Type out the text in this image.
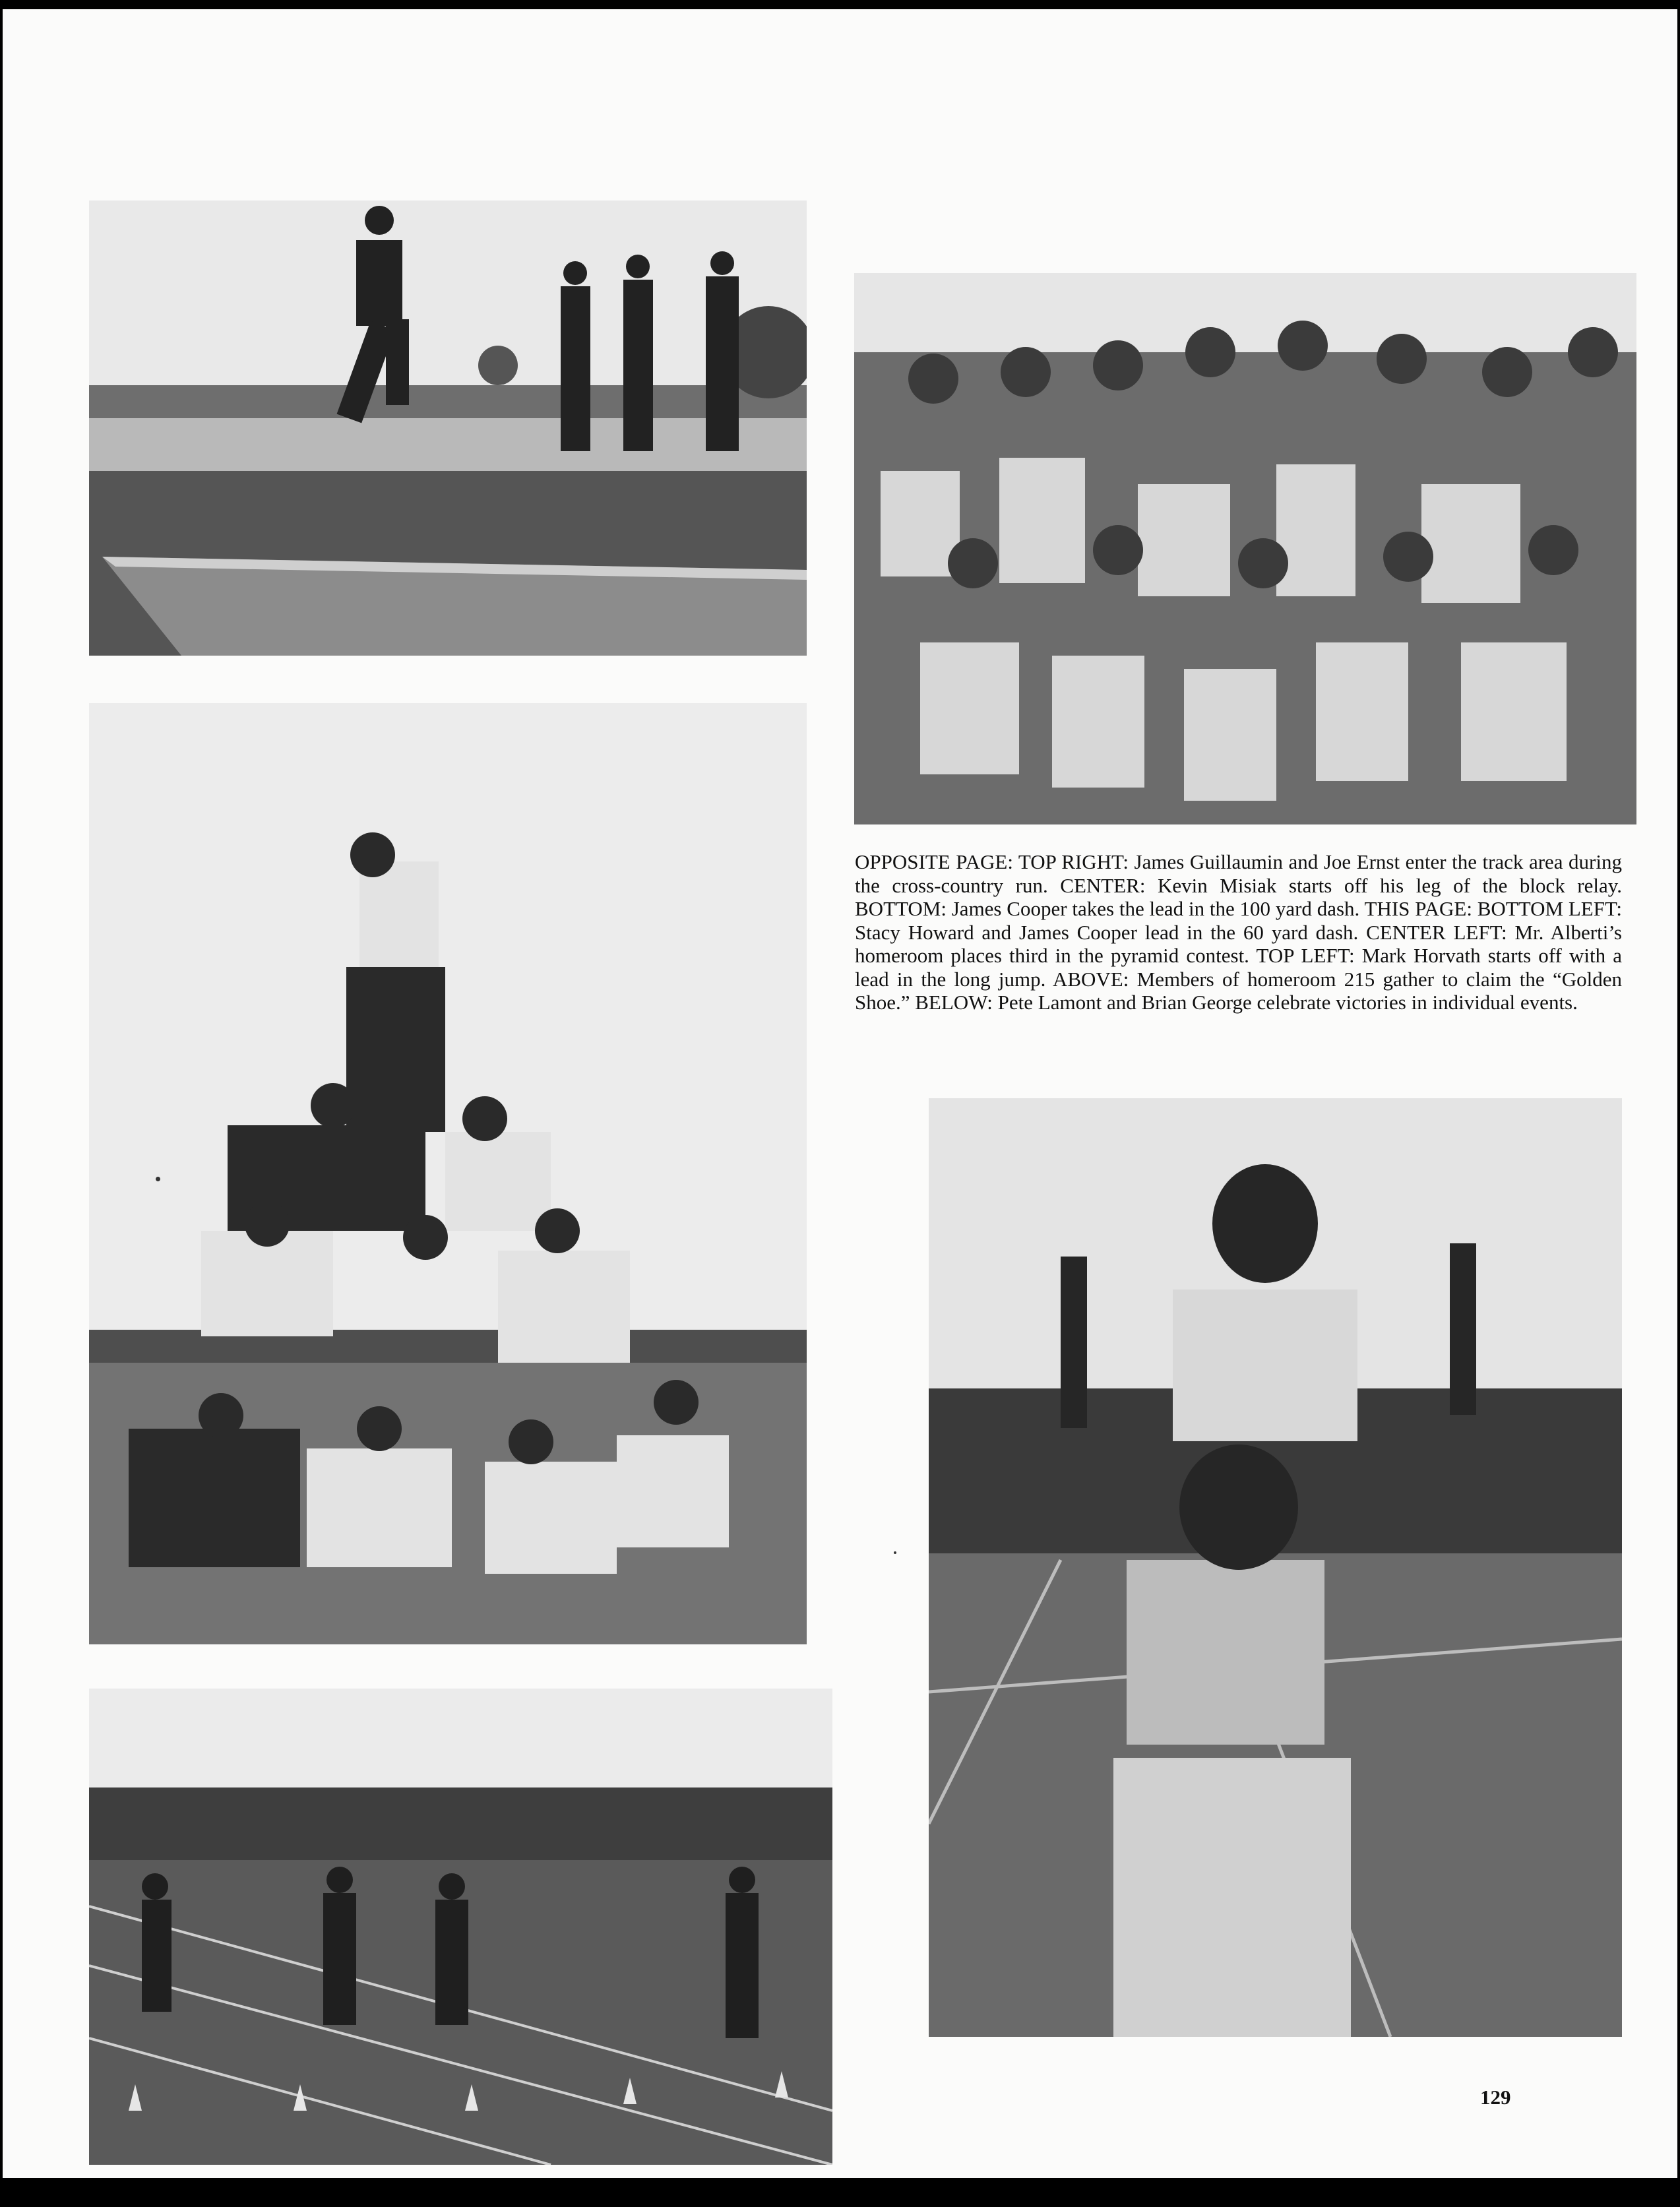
OPPOSITE PAGE: TOP RIGHT: James Guillaumin and Joe Ernst enter the track area during the cross-country run. CENTER: Kevin Misiak starts off his leg of the block relay. BOTTOM: James Cooper takes the lead in the 100 yard dash. THIS PAGE: BOTTOM LEFT: Stacy Howard and James Cooper lead in the 60 yard dash. CENTER LEFT: Mr. Alberti’s homeroom places third in the pyramid contest. TOP LEFT: Mark Horvath starts off with a lead in the long jump. ABOVE: Members of homeroom 215 gather to claim the “Golden Shoe.” BELOW: Pete Lamont and Brian George celebrate victories in individual events.

129
